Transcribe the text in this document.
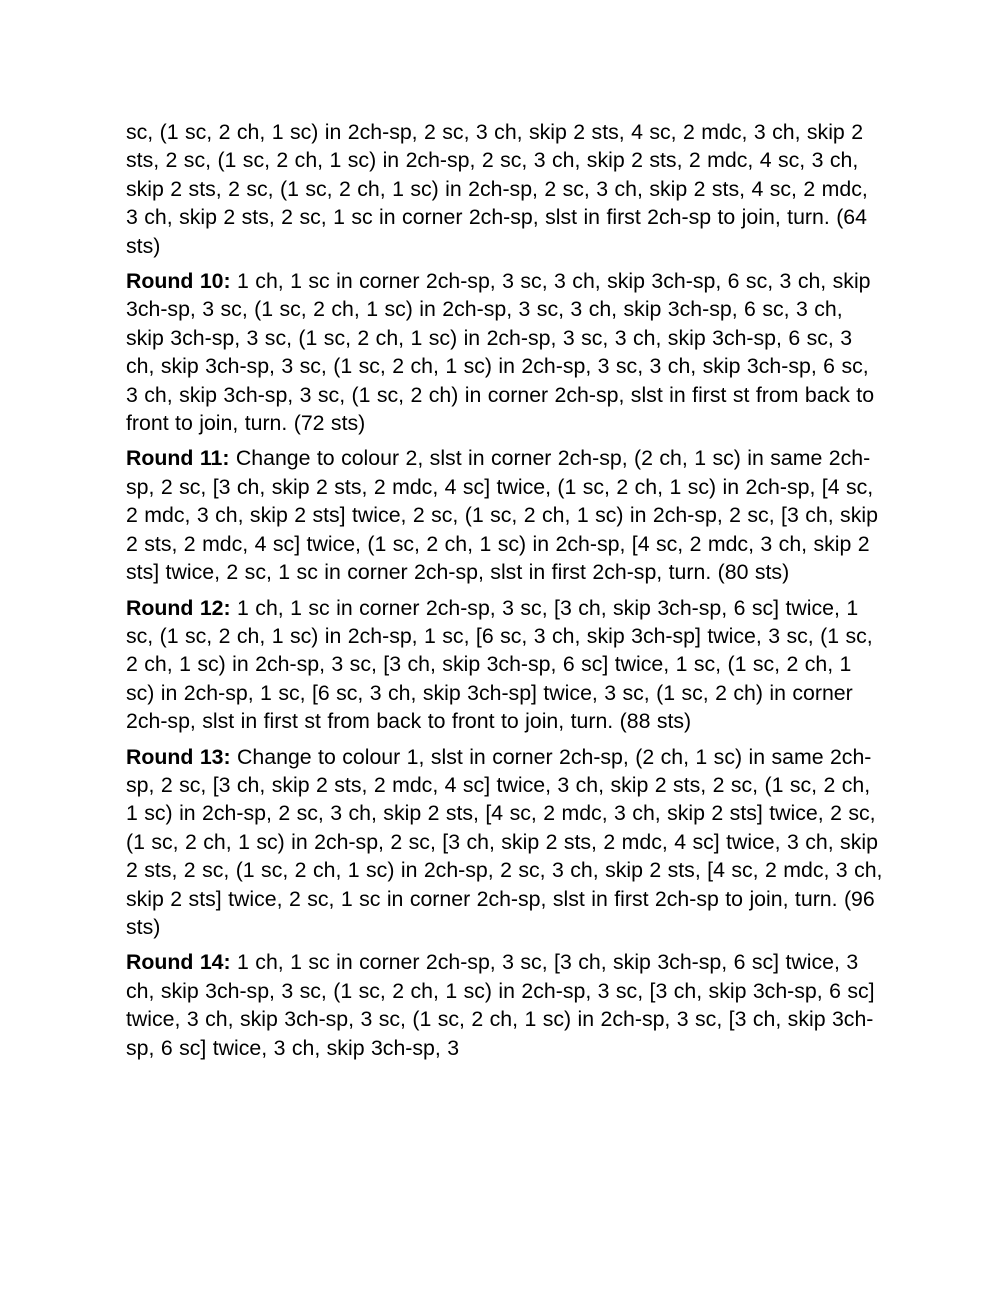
sc, (1 sc, 2 ch, 1 sc) in 2ch-sp, 2 sc, 3 ch, skip 2 sts, 4 sc, 2 mdc, 3 ch, skip 2 sts, 2 sc, (1 sc, 2 ch, 1 sc) in 2ch-sp, 2 sc, 3 ch, skip 2 sts, 2 mdc, 4 sc, 3 ch, skip 2 sts, 2 sc, (1 sc, 2 ch, 1 sc) in 2ch-sp, 2 sc, 3 ch, skip 2 sts, 4 sc, 2 mdc, 3 ch, skip 2 sts, 2 sc, 1 sc in corner 2ch-sp, slst in first 2ch-sp to join, turn. (64 sts)

Round 10: 1 ch, 1 sc in corner 2ch-sp, 3 sc, 3 ch, skip 3ch-sp, 6 sc, 3 ch, skip 3ch-sp, 3 sc, (1 sc, 2 ch, 1 sc) in 2ch-sp, 3 sc, 3 ch, skip 3ch-sp, 6 sc, 3 ch, skip 3ch-sp, 3 sc, (1 sc, 2 ch, 1 sc) in 2ch-sp, 3 sc, 3 ch, skip 3ch-sp, 6 sc, 3 ch, skip 3ch-sp, 3 sc, (1 sc, 2 ch, 1 sc) in 2ch-sp, 3 sc, 3 ch, skip 3ch-sp, 6 sc, 3 ch, skip 3ch-sp, 3 sc, (1 sc, 2 ch) in corner 2ch-sp, slst in first st from back to front to join, turn. (72 sts)

Round 11: Change to colour 2, slst in corner 2ch-sp, (2 ch, 1 sc) in same 2ch-sp, 2 sc, [3 ch, skip 2 sts, 2 mdc, 4 sc] twice, (1 sc, 2 ch, 1 sc) in 2ch-sp, [4 sc, 2 mdc, 3 ch, skip 2 sts] twice, 2 sc, (1 sc, 2 ch, 1 sc) in 2ch-sp, 2 sc, [3 ch, skip 2 sts, 2 mdc, 4 sc] twice, (1 sc, 2 ch, 1 sc) in 2ch-sp, [4 sc, 2 mdc, 3 ch, skip 2 sts] twice, 2 sc, 1 sc in corner 2ch-sp, slst in first 2ch-sp, turn. (80 sts)

Round 12: 1 ch, 1 sc in corner 2ch-sp, 3 sc, [3 ch, skip 3ch-sp, 6 sc] twice, 1 sc, (1 sc, 2 ch, 1 sc) in 2ch-sp, 1 sc, [6 sc, 3 ch, skip 3ch-sp] twice, 3 sc, (1 sc, 2 ch, 1 sc) in 2ch-sp, 3 sc, [3 ch, skip 3ch-sp, 6 sc] twice, 1 sc, (1 sc, 2 ch, 1 sc) in 2ch-sp, 1 sc, [6 sc, 3 ch, skip 3ch-sp] twice, 3 sc, (1 sc, 2 ch) in corner 2ch-sp, slst in first st from back to front to join, turn. (88 sts)

Round 13: Change to colour 1, slst in corner 2ch-sp, (2 ch, 1 sc) in same 2ch-sp, 2 sc, [3 ch, skip 2 sts, 2 mdc, 4 sc] twice, 3 ch, skip 2 sts, 2 sc, (1 sc, 2 ch, 1 sc) in 2ch-sp, 2 sc, 3 ch, skip 2 sts, [4 sc, 2 mdc, 3 ch, skip 2 sts] twice, 2 sc, (1 sc, 2 ch, 1 sc) in 2ch-sp, 2 sc, [3 ch, skip 2 sts, 2 mdc, 4 sc] twice, 3 ch, skip 2 sts, 2 sc, (1 sc, 2 ch, 1 sc) in 2ch-sp, 2 sc, 3 ch, skip 2 sts, [4 sc, 2 mdc, 3 ch, skip 2 sts] twice, 2 sc, 1 sc in corner 2ch-sp, slst in first 2ch-sp to join, turn. (96 sts)

Round 14: 1 ch, 1 sc in corner 2ch-sp, 3 sc, [3 ch, skip 3ch-sp, 6 sc] twice, 3 ch, skip 3ch-sp, 3 sc, (1 sc, 2 ch, 1 sc) in 2ch-sp, 3 sc, [3 ch, skip 3ch-sp, 6 sc] twice, 3 ch, skip 3ch-sp, 3 sc, (1 sc, 2 ch, 1 sc) in 2ch-sp, 3 sc, [3 ch, skip 3ch-sp, 6 sc] twice, 3 ch, skip 3ch-sp, 3
